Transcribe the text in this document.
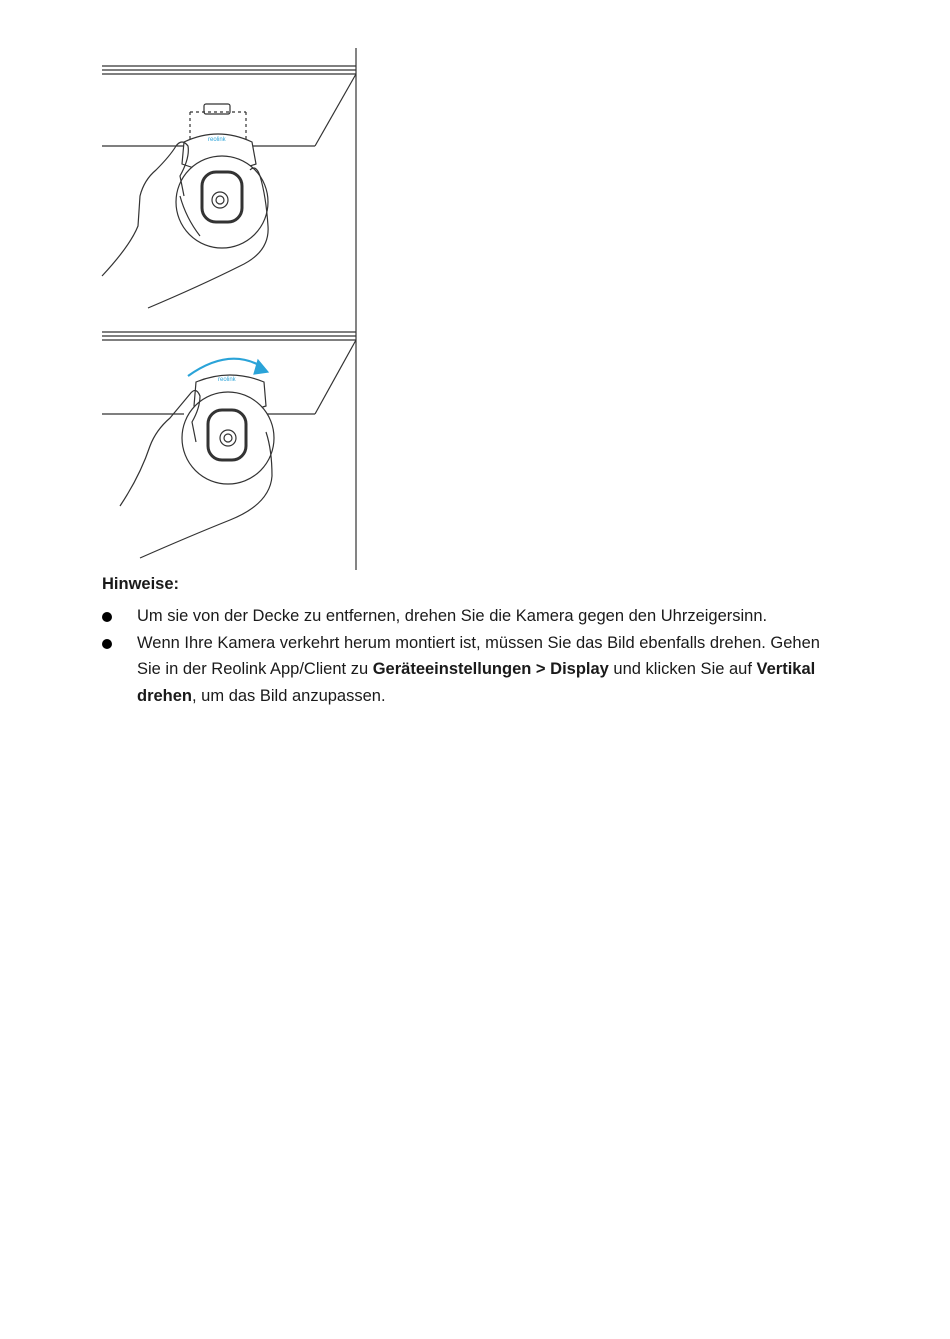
reolink
reolink

Hinweise:

Um sie von der Decke zu entfernen, drehen Sie die Kamera gegen den Uhrzeigersinn.

Wenn Ihre Kamera verkehrt herum montiert ist, müssen Sie das Bild ebenfalls drehen. Gehen Sie in der Reolink App/Client zu Geräteeinstellungen > Display und klicken Sie auf Vertikal drehen, um das Bild anzupassen.
